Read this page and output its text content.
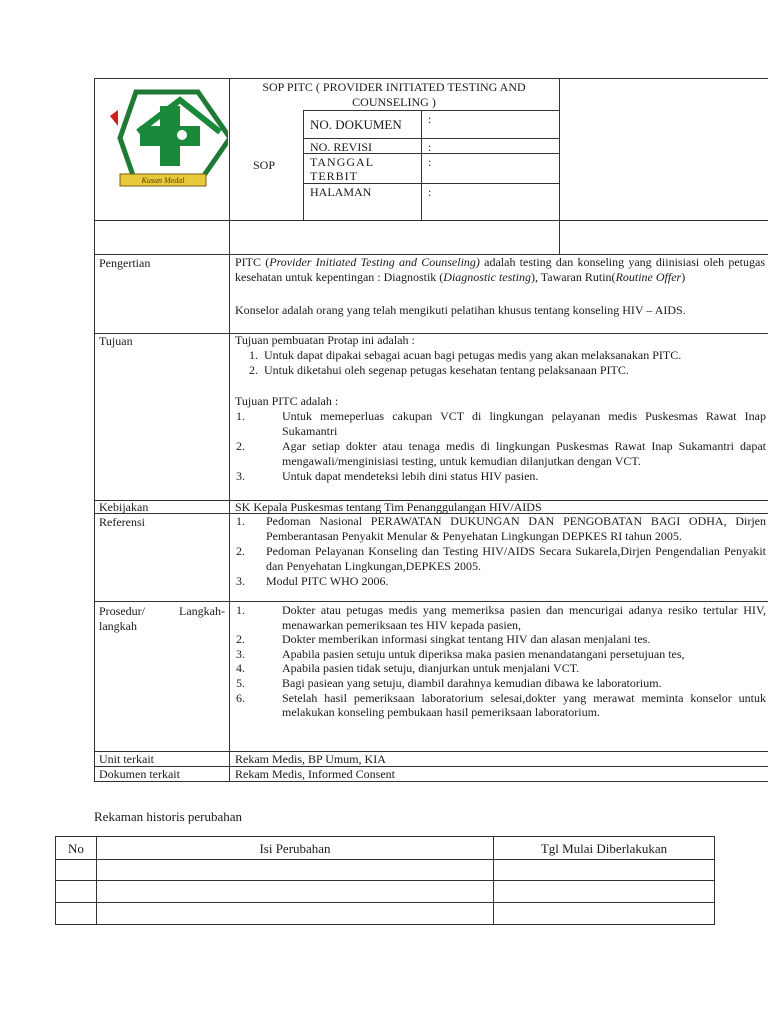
Kusun Medal
SOP PITC ( PROVIDER INITIATED TESTING AND COUNSELING )
SOP
NO. DOKUMEN :
NO. REVISI	:
TANGGAL TERBIT
:
HALAMAN	:
Pengertian	PITC (Provider Initiated Testing and Counseling) adalah testing dan konseling yang diinisiasi oleh petugas kesehatan untuk kepentingan : Diagnostik (Diagnostic testing), Tawaran Rutin(Routine Offer)
Konselor adalah orang yang telah mengikuti pelatihan khusus tentang konseling HIV – AIDS.
Tujuan	Tujuan pembuatan Protap ini adalah :
1. Untuk dapat dipakai sebagai acuan bagi petugas medis yang akan melaksanakan PITC.
2. Untuk diketahui oleh segenap petugas kesehatan tentang pelaksanaan PITC.
Tujuan PITC adalah :
1.	Untuk memeperluas cakupan VCT di lingkungan pelayanan medis Puskesmas Rawat Inap Sukamantri
2.	Agar setiap dokter atau tenaga medis di lingkungan Puskesmas Rawat Inap Sukamantri dapat mengawali/menginisiasi testing, untuk kemudian dilanjutkan dengan VCT.
3.	Untuk dapat mendeteksi lebih dini status HIV pasien.
Kebijakan	SK Kepala Puskesmas tentang Tim Penanggulangan HIV/AIDS
Referensi	1.	Pedoman Nasional PERAWATAN DUKUNGAN DAN PENGOBATAN BAGI ODHA, Dirjen Pemberantasan Penyakit Menular & Penyehatan Lingkungan DEPKES RI tahun 2005.
2.	Pedoman Pelayanan Konseling dan Testing HIV/AIDS Secara Sukarela,Dirjen Pengendalian Penyakit dan Penyehatan Lingkungan,DEPKES 2005.
3.	Modul PITC WHO 2006.
Prosedur/	Langkah-
langkah
1.	Dokter atau petugas medis yang memeriksa pasien dan mencurigai adanya resiko tertular HIV, menawarkan pemeriksaan tes HIV kepada pasien,
2.	Dokter memberikan informasi singkat tentang HIV dan alasan menjalani tes.
3.	Apabila pasien setuju untuk diperiksa maka pasien menandatangani persetujuan tes,
4.	Apabila pasien tidak setuju, dianjurkan untuk menjalani VCT.
5.	Bagi pasiean yang setuju, diambil darahnya kemudian dibawa ke laboratorium.
6.	Setelah hasil pemeriksaan laboratorium selesai,dokter yang merawat meminta konselor untuk melakukan konseling pembukaan hasil pemeriksaan laboratorium.
Unit terkait	Rekam Medis, BP Umum, KIA
Dokumen terkait	Rekam Medis, Informed Consent
Rekaman historis perubahan
No	Isi Perubahan	Tgl Mulai Diberlakukan
